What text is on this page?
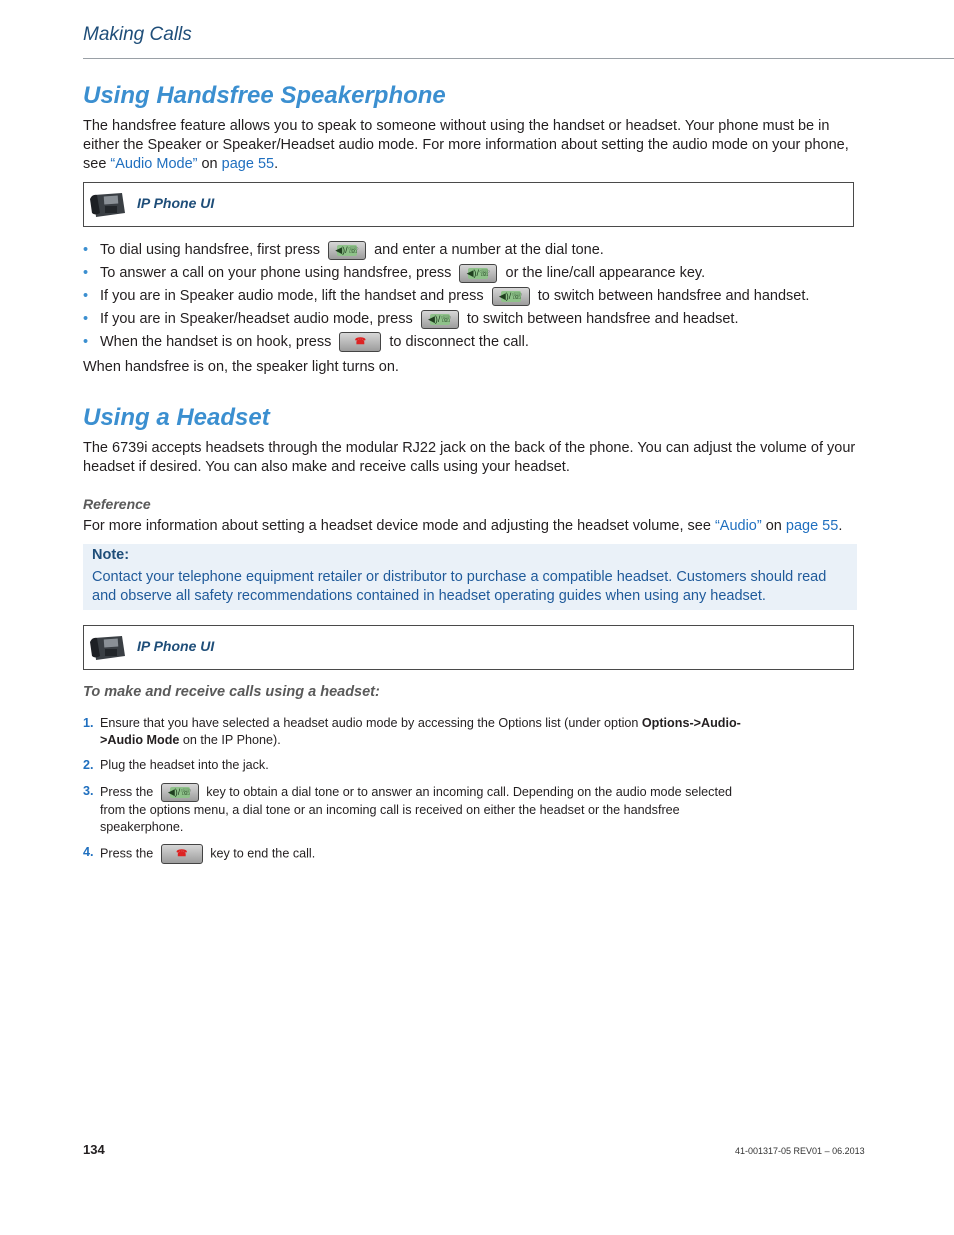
Making Calls
Using Handsfree Speakerphone

The handsfree feature allows you to speak to someone without using the handset or headset. Your phone must be in either the Speaker or Speaker/Headset audio mode. For more information about setting the audio mode on your phone, see “Audio Mode” on page 55.

IP Phone UI
• To dial using handsfree, first press	◀)/☏	and enter a number at the dial tone.
• To answer a call on your phone using handsfree, press	◀)/☏	or the line/call appearance key.
• If you are in Speaker audio mode, lift the handset and press	◀)/☏	to switch between handsfree and handset.
• If you are in Speaker/headset audio mode, press	◀)/☏	to switch between handsfree and headset.
• When the handset is on hook, press	☎	to disconnect the call.

When handsfree is on, the speaker light turns on.

Using a Headset

The 6739i accepts headsets through the modular RJ22 jack on the back of the phone. You can adjust the volume of your headset if desired. You can also make and receive calls using your headset.

Reference

For more information about setting a headset device mode and adjusting the headset volume, see “Audio” on page 55.

Note:
Contact your telephone equipment retailer or distributor to purchase a compatible headset. Customers should read and observe all safety recommendations contained in headset operating guides when using any headset.
IP Phone UI
To make and receive calls using a headset:
1. Ensure that you have selected a headset audio mode by accessing the Options list (under option Options->Audio->Audio Mode on the IP Phone).
2. Plug the headset into the jack.
3. Press the	◀)/☏	key to obtain a dial tone or to answer an incoming call. Depending on the audio mode selected from the options menu, a dial tone or an incoming call is received on either the headset or the handsfree speakerphone.
4. Press the	☎	key to end the call.
134	41-001317-05 REV01 – 06.2013
